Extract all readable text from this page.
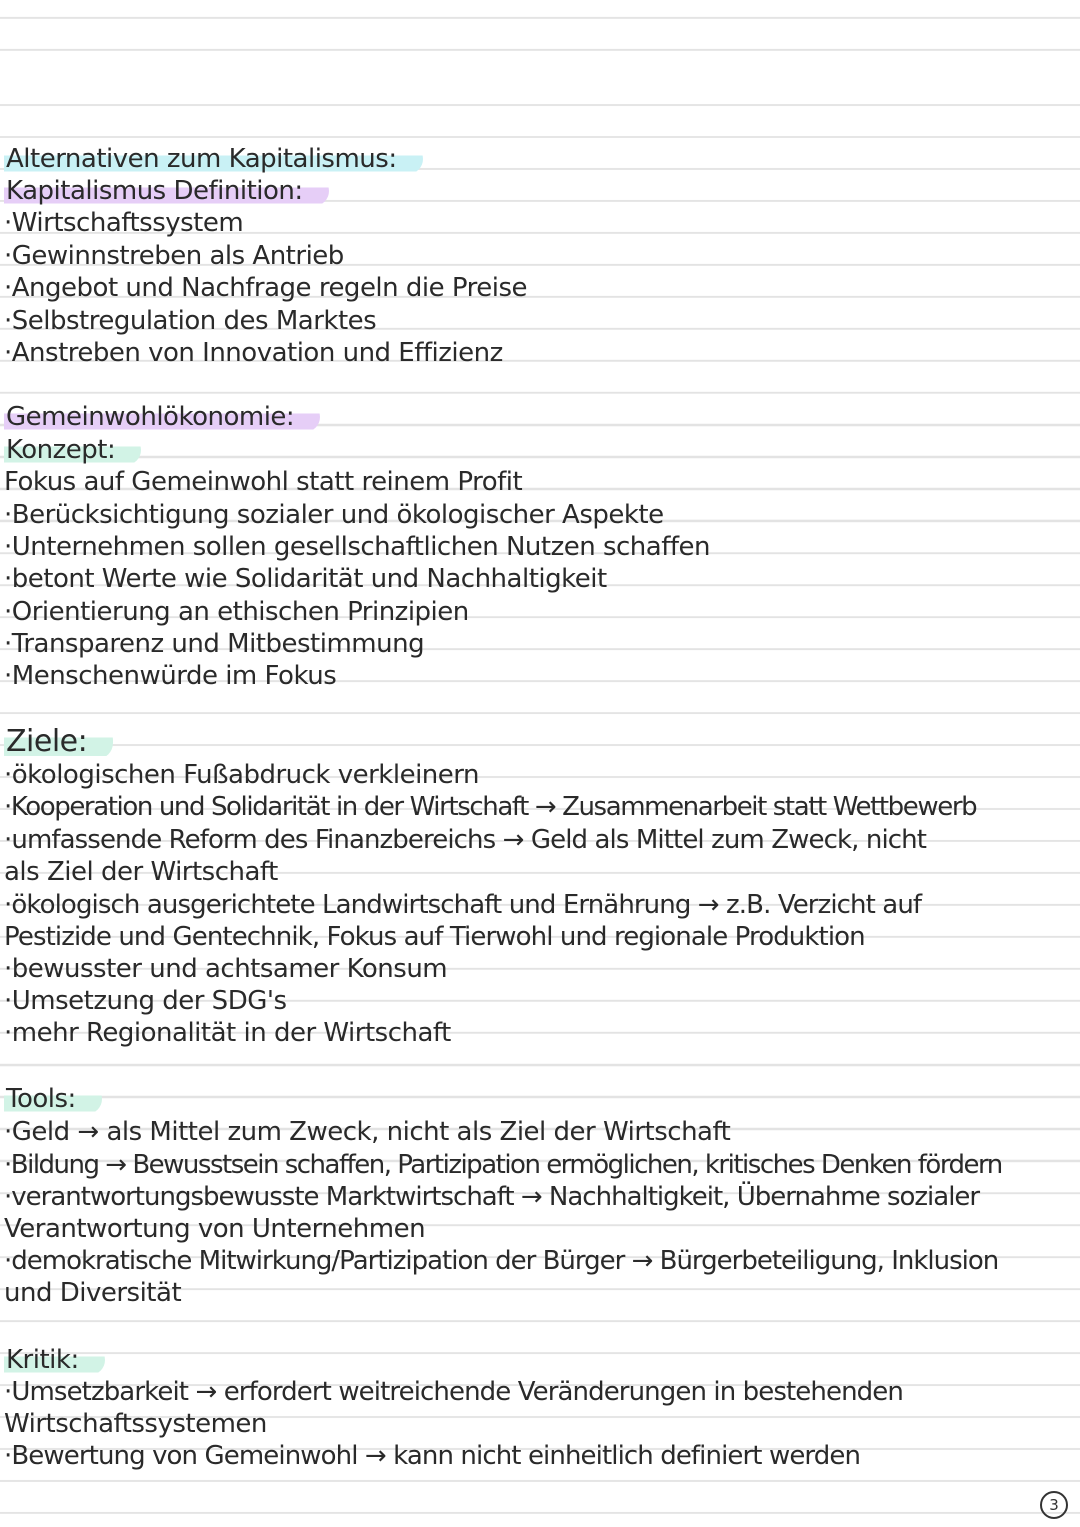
Alternativen zum Kapitalismus:
Kapitalismus Definition:
·Wirtschaftssystem
·Gewinnstreben als Antrieb
·Angebot und Nachfrage regeln die Preise
·Selbstregulation des Marktes
·Anstreben von Innovation und Effizienz
Gemeinwohlökonomie:
Konzept:
Fokus auf Gemeinwohl statt reinem Profit
·Berücksichtigung sozialer und ökologischer Aspekte
·Unternehmen sollen gesellschaftlichen Nutzen schaffen
·betont Werte wie Solidarität und Nachhaltigkeit
·Orientierung an ethischen Prinzipien
·Transparenz und Mitbestimmung
·Menschenwürde im Fokus
Ziele:
·ökologischen Fußabdruck verkleinern
·Kooperation und Solidarität in der Wirtschaft → Zusammenarbeit statt Wettbewerb
·umfassende Reform des Finanzbereichs → Geld als Mittel zum Zweck, nicht
als Ziel der Wirtschaft
·ökologisch ausgerichtete Landwirtschaft und Ernährung → z.B. Verzicht auf
Pestizide und Gentechnik, Fokus auf Tierwohl und regionale Produktion
·bewusster und achtsamer Konsum
·Umsetzung der SDG's
·mehr Regionalität in der Wirtschaft
Tools:
·Geld → als Mittel zum Zweck, nicht als Ziel der Wirtschaft
·Bildung → Bewusstsein schaffen, Partizipation ermöglichen, kritisches Denken fördern
·verantwortungsbewusste Marktwirtschaft → Nachhaltigkeit, Übernahme sozialer
Verantwortung von Unternehmen
·demokratische Mitwirkung/Partizipation der Bürger → Bürgerbeteiligung, Inklusion
und Diversität
Kritik:
·Umsetzbarkeit → erfordert weitreichende Veränderungen in bestehenden
Wirtschaftssystemen
·Bewertung von Gemeinwohl → kann nicht einheitlich definiert werden
3
